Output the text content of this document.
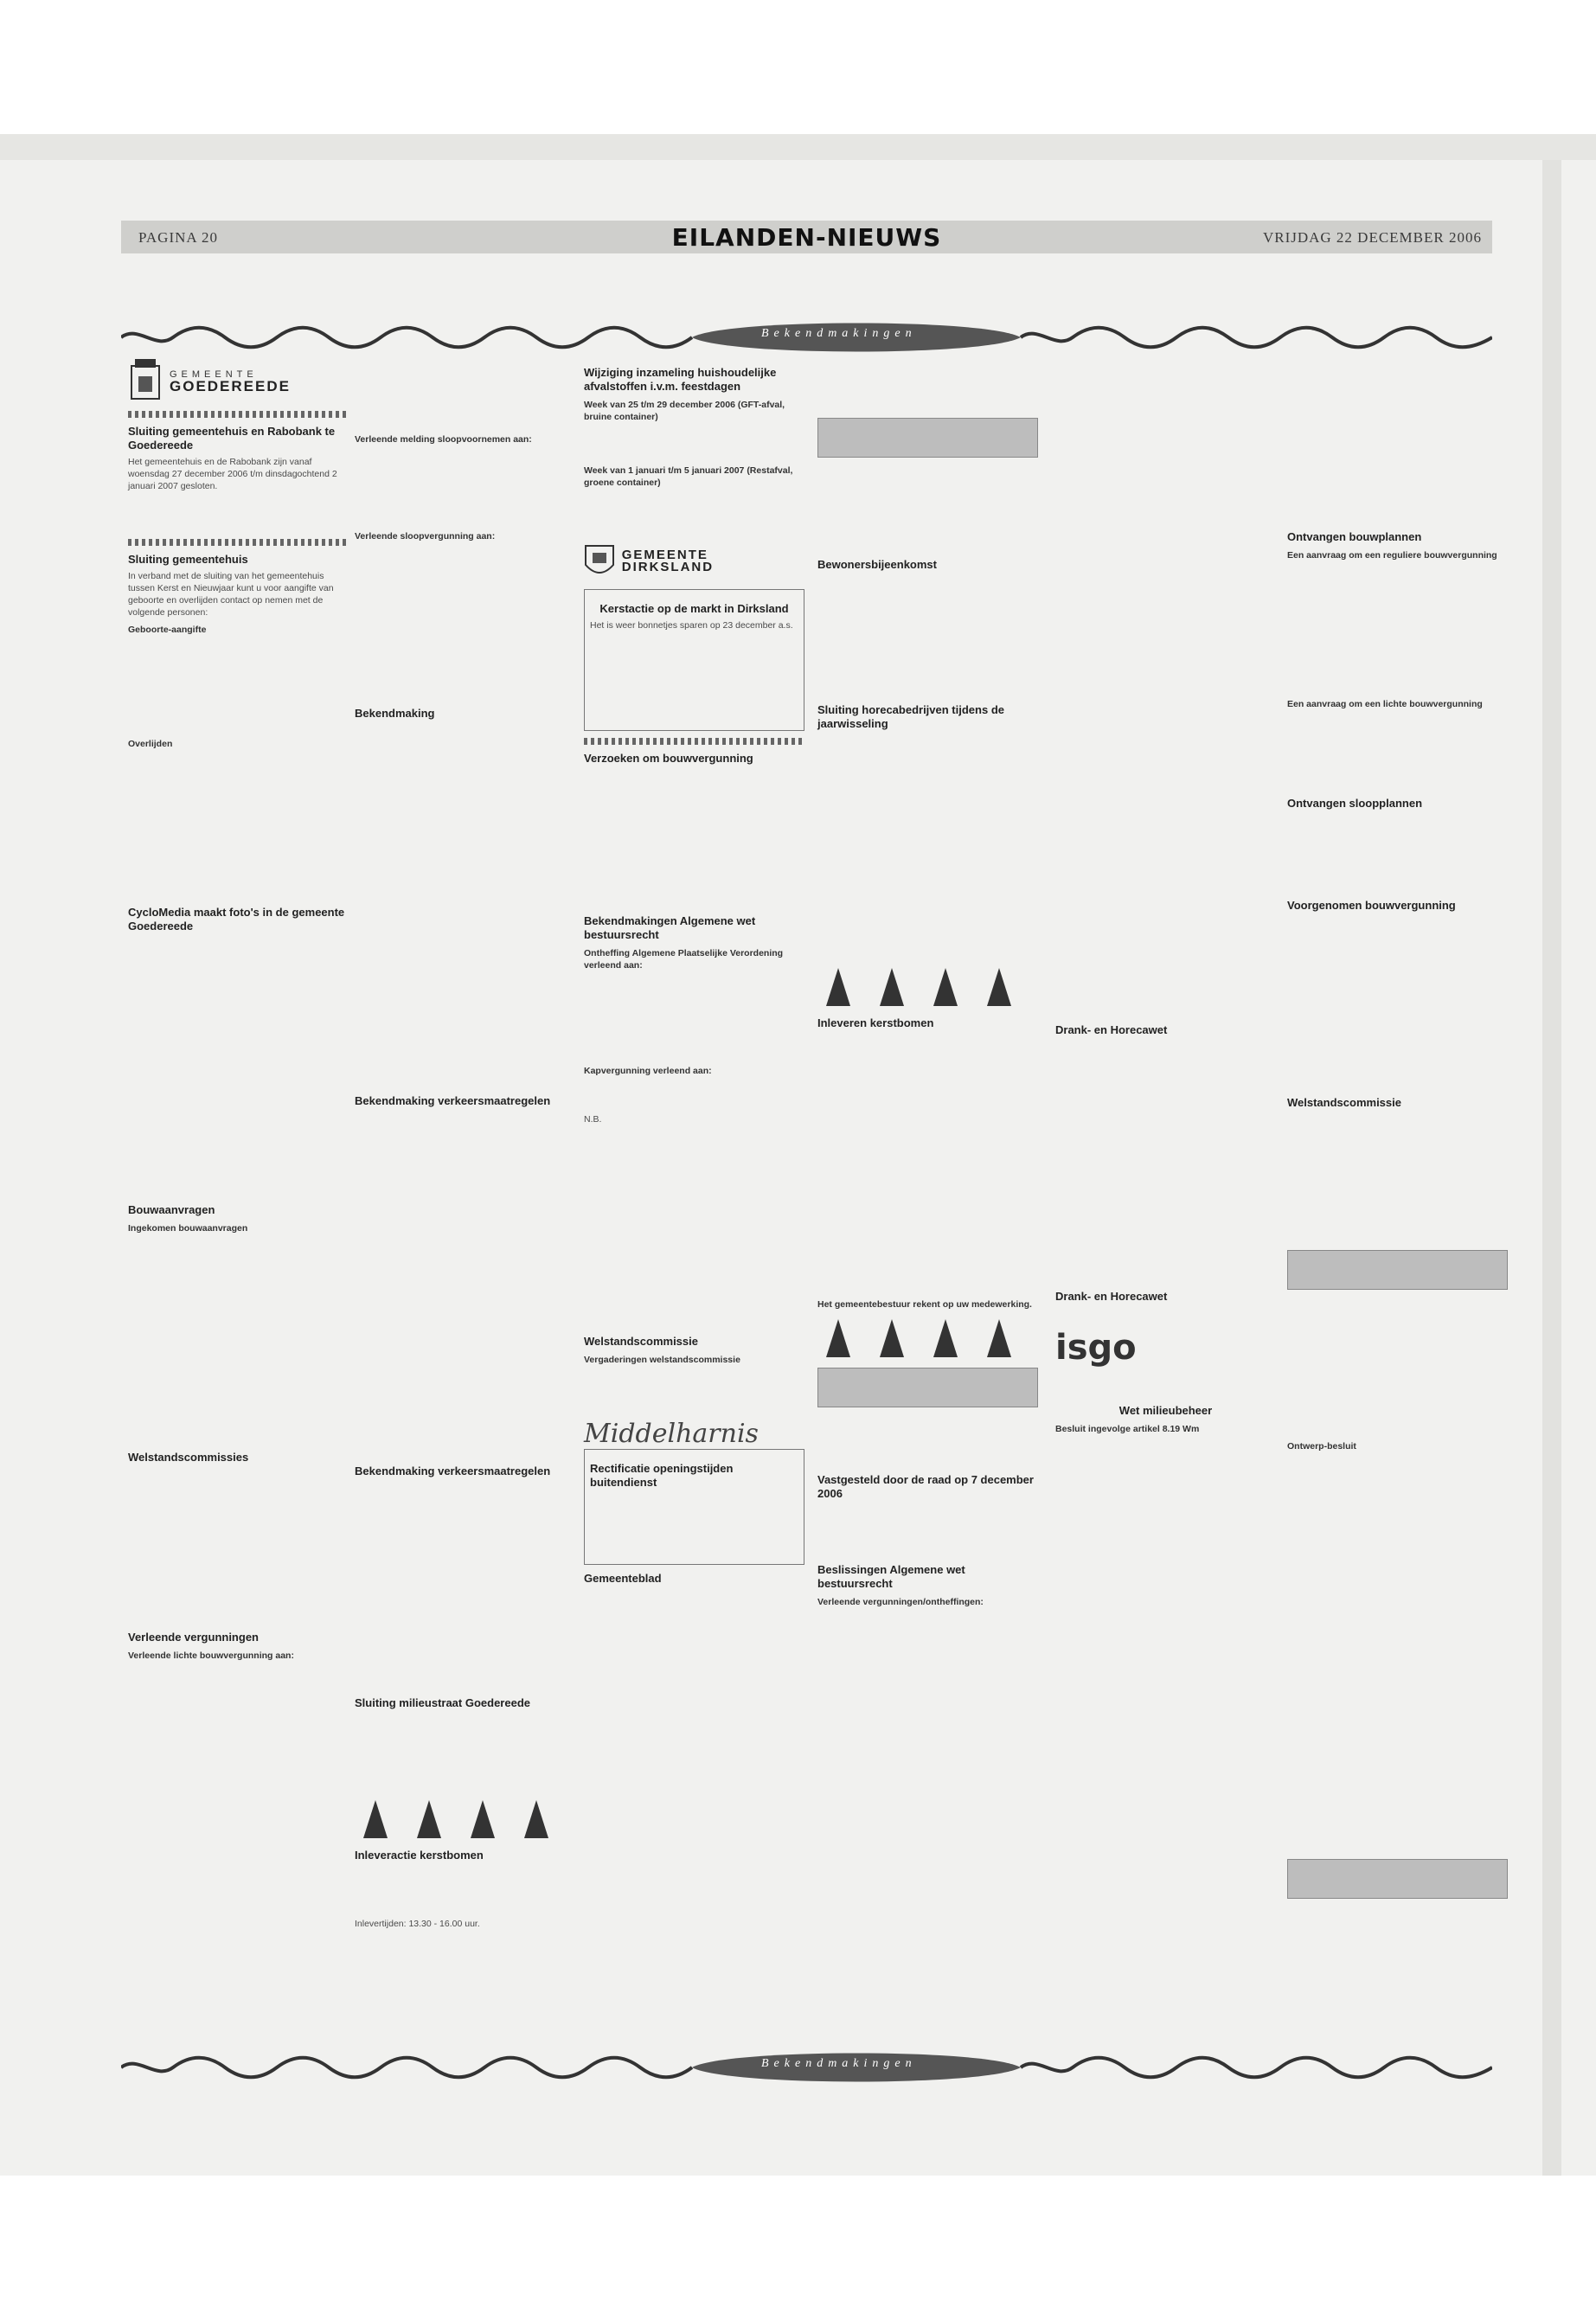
PAGINA 20	EILANDEN-NIEUWS	VRIJDAG 22 DECEMBER 2006
Bekendmakingen
GEMEENTE
GOEDEREEDE
Sluiting gemeentehuis en Rabobank te Goedereede
Het gemeentehuis en de Rabobank zijn vanaf woensdag 27 december 2006 t/m dinsdagochtend 2 januari 2007 gesloten.
Sluiting gemeentehuis
In verband met de sluiting van het gemeentehuis tussen Kerst en Nieuwjaar kunt u voor aangifte van geboorte en overlijden contact op nemen met de volgende personen:
Geboorte-aangifte
Overlijden
CycloMedia maakt foto's in de gemeente Goedereede
Bouwaanvragen
Ingekomen bouwaanvragen
Welstandscommissies
Verleende vergunningen
Verleende lichte bouwvergunning aan:
Verleende melding sloopvoornemen aan:
Verleende sloopvergunning aan:
Bekendmaking
Bekendmaking verkeersmaatregelen
Bekendmaking verkeersmaatregelen
Sluiting milieustraat Goedereede
Inleveractie kerstbomen
Inlevertijden: 13.30 - 16.00 uur.
Wijziging inzameling huishoudelijke afvalstoffen i.v.m. feestdagen
Week van 25 t/m 29 december 2006 (GFT-afval, bruine container)
Week van 1 januari t/m 5 januari 2007 (Restafval, groene container)
GEMEENTE DIRKSLAND
Kerstactie op de markt in Dirksland
Het is weer bonnetjes sparen op 23 december a.s.
Verzoeken om bouwvergunning
Bekendmakingen Algemene wet bestuursrecht
Ontheffing Algemene Plaatselijke Verordening verleend aan:
Kapvergunning verleend aan:
N.B.
Welstandscommissie
Vergaderingen welstandscommissie
Middelharnis
Rectificatie openingstijden buitendienst
Gemeenteblad
Bewonersbijeenkomst
Sluiting horecabedrijven tijdens de jaarwisseling
Inleveren kerstbomen
Het gemeentebestuur rekent op uw medewerking.
Vastgesteld door de raad op 7 december 2006
Beslissingen Algemene wet bestuursrecht
Verleende vergunningen/ontheffingen:
Drank- en Horecawet
Drank- en Horecawet
isgo
Wet milieubeheer
Besluit ingevolge artikel 8.19 Wm
Ontvangen bouwplannen
Een aanvraag om een reguliere bouwvergunning
Een aanvraag om een lichte bouwvergunning
Ontvangen sloopplannen
Voorgenomen bouwvergunning
Welstandscommissie
Ontwerp-besluit
Bekendmakingen
